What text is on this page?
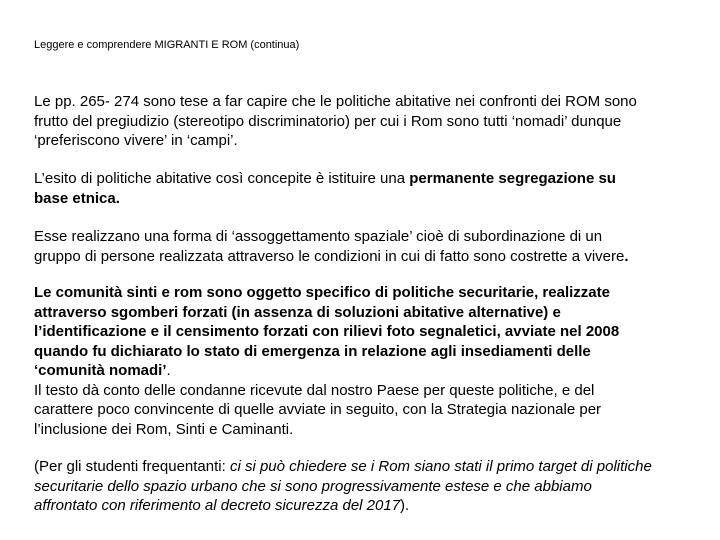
Leggere e comprendere MIGRANTI E ROM (continua)

Le pp. 265- 274 sono tese a far capire che le politiche abitative nei confronti dei ROM sono
frutto del pregiudizio (stereotipo discriminatorio) per cui i Rom sono tutti ‘nomadi’ dunque
‘preferiscono vivere’ in ‘campi’.

L’esito di politiche abitative così concepite è istituire una permanente segregazione su
base etnica.

Esse realizzano una forma di ‘assoggettamento spaziale’ cioè di subordinazione di un
gruppo di persone realizzata attraverso le condizioni in cui di fatto sono costrette a vivere.

Le comunità sinti e rom sono oggetto specifico di politiche securitarie, realizzate
attraverso sgomberi forzati (in assenza di soluzioni abitative alternative) e
l’identificazione e il censimento forzati con rilievi foto segnaletici, avviate nel 2008
quando fu dichiarato lo stato di emergenza in relazione agli insediamenti delle
‘comunità nomadi’.
Il testo dà conto delle condanne ricevute dal nostro Paese per queste politiche, e del
carattere poco convincente di quelle avviate in seguito, con la Strategia nazionale per
l’inclusione dei Rom, Sinti e Caminanti.

(Per gli studenti frequentanti: ci si può chiedere se i Rom siano stati il primo target di politiche
securitarie dello spazio urbano che si sono progressivamente estese e che abbiamo
affrontato con riferimento al decreto sicurezza del 2017).
